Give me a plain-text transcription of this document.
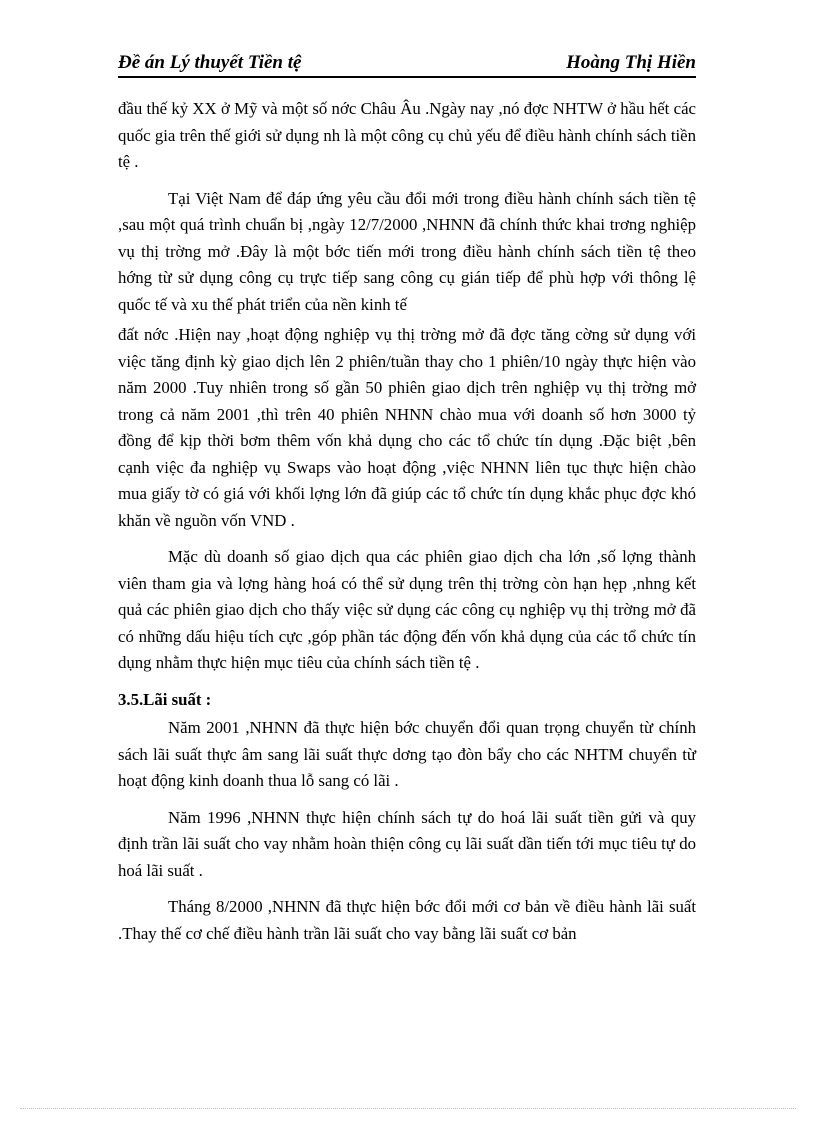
Đề án Lý thuyết Tiền tệ	Hoàng Thị Hiền

đầu thế kỷ XX ở Mỹ và một số nớc Châu Âu .Ngày nay ,nó đợc NHTW ở hầu hết các quốc gia trên thế giới sử dụng nh là một công cụ chủ yếu để điều hành chính sách tiền tệ .

Tại Việt Nam để đáp ứng yêu cầu đổi mới trong điều hành chính sách tiền tệ ,sau một quá trình chuẩn bị ,ngày 12/7/2000 ,NHNN đã chính thức khai trơng nghiệp vụ thị trờng mở .Đây là một bớc tiến mới trong điều hành chính sách tiền tệ theo hớng từ sử dụng công cụ trực tiếp sang công cụ gián tiếp để phù hợp với thông lệ quốc tế và xu thế phát triển của nền kinh tế

đất nớc .Hiện nay ,hoạt động nghiệp vụ thị trờng mở đã đợc tăng cờng sử dụng với việc tăng định kỳ giao dịch lên 2 phiên/tuần thay cho 1 phiên/10 ngày thực hiện vào năm 2000 .Tuy nhiên trong số gần 50 phiên giao dịch trên nghiệp vụ thị trờng mở trong cả năm 2001 ,thì trên 40 phiên NHNN chào mua với doanh số hơn 3000 tỷ đồng để kịp thời bơm thêm vốn khả dụng cho các tổ chức tín dụng .Đặc biệt ,bên cạnh việc đa nghiệp vụ Swaps vào hoạt động ,việc NHNN liên tục thực hiện chào mua giấy tờ có giá với khối lợng lớn đã giúp các tổ chức tín dụng khắc phục đợc khó khăn về nguồn vốn VND .

Mặc dù doanh số giao dịch qua các phiên giao dịch cha lớn ,số lợng thành viên tham gia và lợng hàng hoá có thể sử dụng trên thị trờng còn hạn hẹp ,nhng kết quả các phiên giao dịch cho thấy việc sử dụng các công cụ nghiệp vụ thị trờng mở đã có những dấu hiệu tích cực ,góp phần tác động đến vốn khả dụng của các tổ chức tín dụng nhằm thực hiện mục tiêu của chính sách tiền tệ .

3.5.Lãi suất :

Năm 2001 ,NHNN đã thực hiện bớc chuyển đổi quan trọng chuyển từ chính sách lãi suất thực âm sang lãi suất thực dơng tạo đòn bẩy cho các NHTM chuyển từ hoạt động kinh doanh thua lỗ sang có lãi .

Năm 1996 ,NHNN thực hiện chính sách tự do hoá lãi suất tiền gửi và quy định trần lãi suất cho vay nhằm hoàn thiện công cụ lãi suất dần tiến tới mục tiêu tự do hoá lãi suất .

Tháng 8/2000 ,NHNN đã thực hiện bớc đổi mới cơ bản về điều hành lãi suất .Thay thế cơ chế điều hành trần lãi suất cho vay bằng lãi suất cơ bản
